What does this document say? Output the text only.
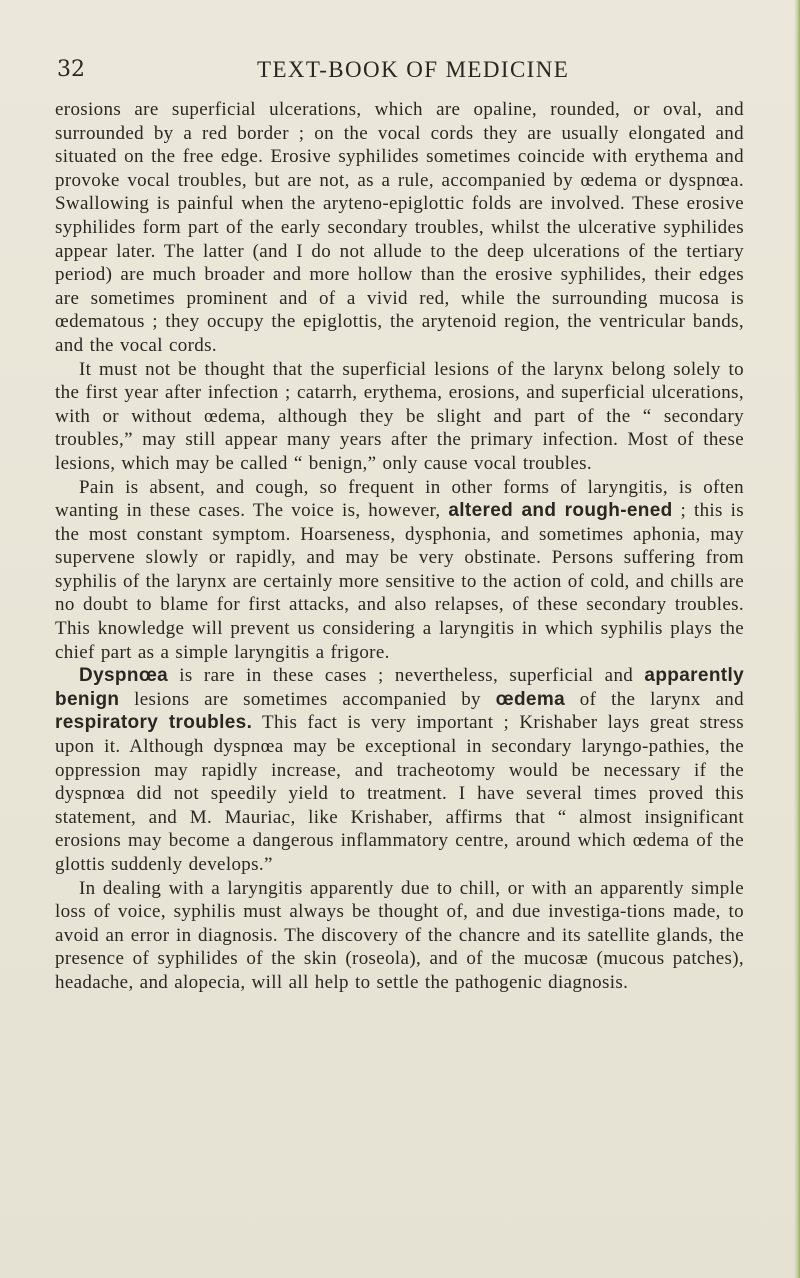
32	TEXT-BOOK OF MEDICINE

erosions are superficial ulcerations, which are opaline, rounded, or oval, and surrounded by a red border ; on the vocal cords they are usually elongated and situated on the free edge. Erosive syphilides sometimes coincide with erythema and provoke vocal troubles, but are not, as a rule, accompanied by œdema or dyspnœa. Swallowing is painful when the aryteno-epiglottic folds are involved. These erosive syphilides form part of the early secondary troubles, whilst the ulcerative syphilides appear later. The latter (and I do not allude to the deep ulcerations of the tertiary period) are much broader and more hollow than the erosive syphilides, their edges are sometimes prominent and of a vivid red, while the surrounding mucosa is œdematous ; they occupy the epiglottis, the arytenoid region, the ventricular bands, and the vocal cords.

It must not be thought that the superficial lesions of the larynx belong solely to the first year after infection ; catarrh, erythema, erosions, and superficial ulcerations, with or without œdema, although they be slight and part of the “ secondary troubles,” may still appear many years after the primary infection. Most of these lesions, which may be called “ benign,” only cause vocal troubles.

Pain is absent, and cough, so frequent in other forms of laryngitis, is often wanting in these cases. The voice is, however, altered and rough-ened ; this is the most constant symptom. Hoarseness, dysphonia, and sometimes aphonia, may supervene slowly or rapidly, and may be very obstinate. Persons suffering from syphilis of the larynx are certainly more sensitive to the action of cold, and chills are no doubt to blame for first attacks, and also relapses, of these secondary troubles. This knowledge will prevent us considering a laryngitis in which syphilis plays the chief part as a simple laryngitis a frigore.

Dyspnœa is rare in these cases ; nevertheless, superficial and apparently benign lesions are sometimes accompanied by œdema of the larynx and respiratory troubles. This fact is very important ; Krishaber lays great stress upon it. Although dyspnœa may be exceptional in secondary laryngo-pathies, the oppression may rapidly increase, and tracheotomy would be necessary if the dyspnœa did not speedily yield to treatment. I have several times proved this statement, and M. Mauriac, like Krishaber, affirms that “ almost insignificant erosions may become a dangerous inflammatory centre, around which œdema of the glottis suddenly develops.”

In dealing with a laryngitis apparently due to chill, or with an apparently simple loss of voice, syphilis must always be thought of, and due investiga-tions made, to avoid an error in diagnosis. The discovery of the chancre and its satellite glands, the presence of syphilides of the skin (roseola), and of the mucosæ (mucous patches), headache, and alopecia, will all help to settle the pathogenic diagnosis.
